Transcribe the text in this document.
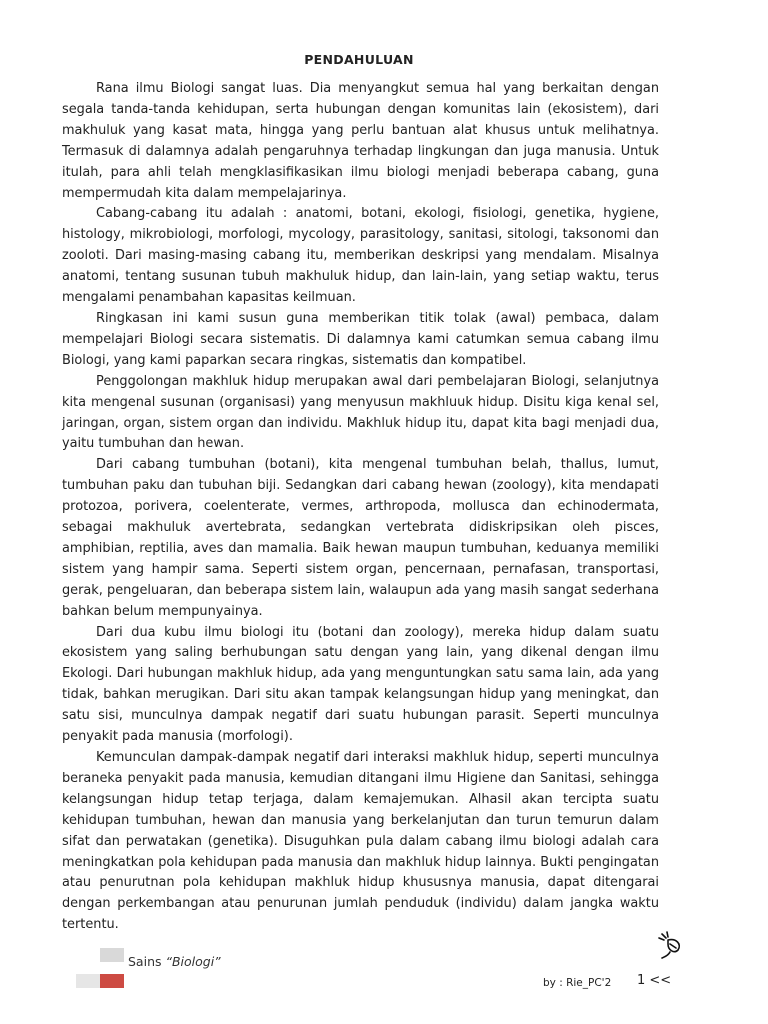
PENDAHULUAN

Rana ilmu Biologi sangat luas. Dia menyangkut semua hal yang berkaitan dengan segala tanda-tanda kehidupan, serta hubungan dengan komunitas lain (ekosistem), dari makhuluk yang kasat mata, hingga yang perlu bantuan alat khusus untuk melihatnya. Termasuk di dalamnya adalah pengaruhnya terhadap lingkungan dan juga manusia. Untuk itulah, para ahli telah mengklasifikasikan ilmu biologi menjadi beberapa cabang, guna mempermudah kita dalam mempelajarinya.

Cabang-cabang itu adalah : anatomi, botani, ekologi, fisiologi, genetika, hygiene, histology, mikrobiologi, morfologi, mycology, parasitology, sanitasi, sitologi, taksonomi dan zooloti. Dari masing-masing cabang itu, memberikan deskripsi yang mendalam. Misalnya anatomi, tentang susunan tubuh makhuluk hidup, dan lain-lain, yang setiap waktu, terus mengalami penambahan kapasitas keilmuan.

Ringkasan ini kami susun guna memberikan titik tolak (awal) pembaca, dalam mempelajari Biologi secara sistematis. Di dalamnya kami catumkan semua cabang ilmu Biologi, yang kami paparkan secara ringkas, sistematis dan kompatibel.

Penggolongan makhluk hidup merupakan awal dari pembelajaran Biologi, selanjutnya kita mengenal susunan (organisasi) yang menyusun makhluuk hidup. Disitu kiga kenal sel, jaringan, organ, sistem organ dan individu. Makhluk hidup itu, dapat kita bagi menjadi dua, yaitu tumbuhan dan hewan.

Dari cabang tumbuhan (botani), kita mengenal tumbuhan belah, thallus, lumut, tumbuhan paku dan tubuhan biji. Sedangkan dari cabang hewan (zoology), kita mendapati protozoa, porivera, coelenterate, vermes, arthropoda, mollusca dan echinodermata, sebagai makhuluk avertebrata, sedangkan vertebrata didiskripsikan oleh pisces, amphibian, reptilia, aves dan mamalia. Baik hewan maupun tumbuhan, keduanya memiliki sistem yang hampir sama. Seperti sistem organ, pencernaan, pernafasan, transportasi, gerak, pengeluaran, dan beberapa sistem lain, walaupun ada yang masih sangat sederhana bahkan belum mempunyainya.

Dari dua kubu ilmu biologi itu (botani dan zoology), mereka hidup dalam suatu ekosistem yang saling berhubungan satu dengan yang lain, yang dikenal dengan ilmu Ekologi. Dari hubungan makhluk hidup, ada yang menguntungkan satu sama lain, ada yang tidak, bahkan merugikan. Dari situ akan tampak kelangsungan hidup yang meningkat, dan satu sisi, munculnya dampak negatif dari suatu hubungan parasit. Seperti munculnya penyakit pada manusia (morfologi).

Kemunculan dampak-dampak negatif dari interaksi makhluk hidup, seperti munculnya beraneka penyakit pada manusia, kemudian ditangani ilmu Higiene dan Sanitasi, sehingga kelangsungan hidup tetap terjaga, dalam kemajemukan. Alhasil akan tercipta suatu kehidupan tumbuhan, hewan dan manusia yang berkelanjutan dan turun temurun dalam sifat dan perwatakan (genetika). Disuguhkan pula dalam cabang ilmu biologi adalah cara meningkatkan pola kehidupan pada manusia dan makhluk hidup lainnya. Bukti pengingatan atau penurutnan pola kehidupan makhluk hidup khususnya manusia, dapat ditengarai dengan perkembangan atau penurunan jumlah penduduk (individu) dalam jangka waktu tertentu.

Sains “Biologi”
by : Rie_PC'2 1 <<
